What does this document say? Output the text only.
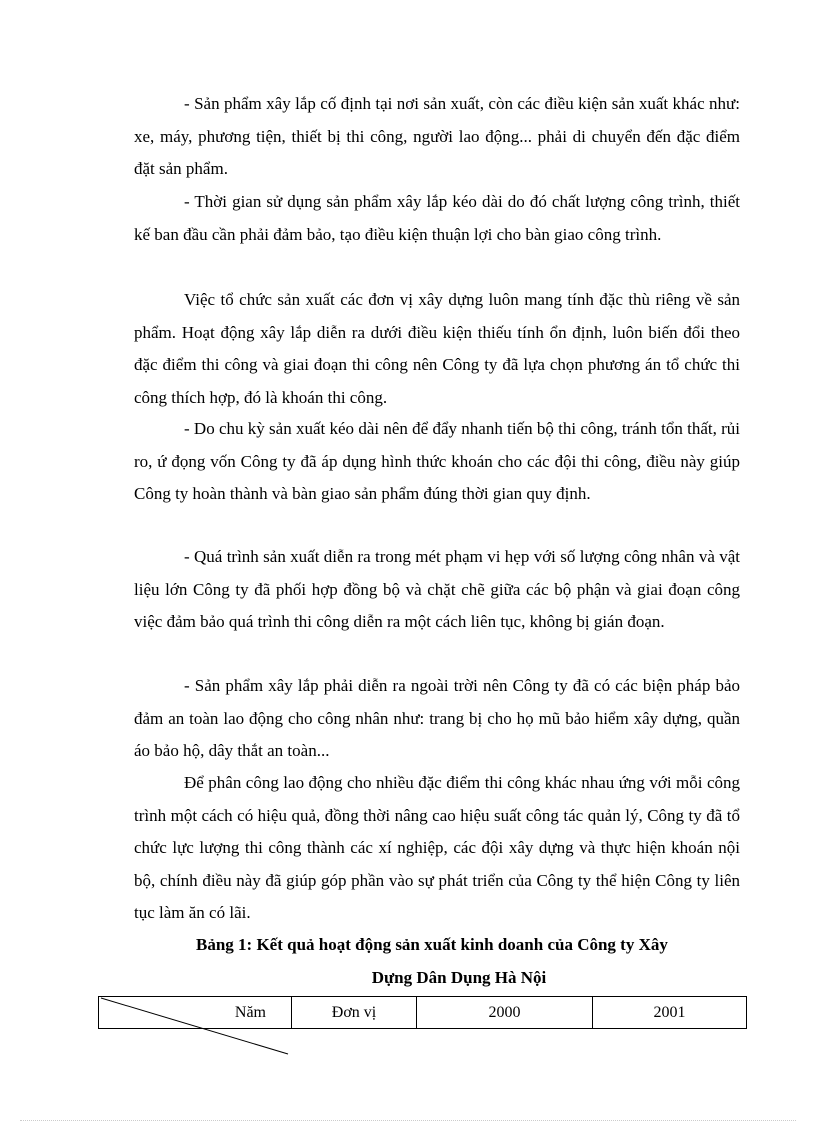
- Sản phẩm xây lắp cố định tại nơi sản xuất, còn các điều kiện sản xuất khác như: xe, máy, phương tiện, thiết bị thi công, người lao động... phải di chuyển đến đặc điểm đặt sản phẩm.

- Thời gian sử dụng sản phẩm xây lắp kéo dài do đó chất lượng công trình, thiết kế ban đầu cần phải đảm bảo, tạo điều kiện thuận lợi cho bàn giao công trình.

Việc tổ chức sản xuất các đơn vị xây dựng luôn mang tính đặc thù riêng về sản phẩm. Hoạt động xây lắp diễn ra dưới điều kiện thiếu tính ổn định, luôn biến đổi theo đặc điểm thi công và giai đoạn thi công nên Công ty đã lựa chọn phương án tổ chức thi công thích hợp, đó là khoán thi công.

- Do chu kỳ sản xuất kéo dài nên để đẩy nhanh tiến bộ thi công, tránh tổn thất, rủi ro, ứ đọng vốn Công ty đã áp dụng hình thức khoán cho các đội thi công, điều này giúp Công ty hoàn thành và bàn giao sản phẩm đúng thời gian quy định.

- Quá trình sản xuất diễn ra trong mét phạm vi hẹp với số lượng công nhân và vật liệu lớn Công ty đã phối hợp đồng bộ và chặt chẽ giữa các bộ phận và giai đoạn công việc đảm bảo quá trình thi công diễn ra một cách liên tục, không bị gián đoạn.

- Sản phẩm xây lắp phải diễn ra ngoài trời nên Công ty đã có các biện pháp bảo đảm an toàn lao động cho công nhân như: trang bị cho họ mũ bảo hiểm xây dựng, quần áo bảo hộ, dây thắt an toàn...

Để phân công lao động cho nhiều đặc điểm thi công khác nhau ứng với mỗi công trình một cách có hiệu quả, đồng thời nâng cao hiệu suất công tác quản lý, Công ty đã tổ chức lực lượng thi công thành các xí nghiệp, các đội xây dựng và thực hiện khoán nội bộ, chính điều này đã giúp góp phần vào sự phát triển của Công ty thể hiện Công ty liên tục làm ăn có lãi.

Bảng 1: Kết quả hoạt động sản xuất kinh doanh của Công ty Xây

Dựng Dân Dụng Hà Nội

Năm	Đơn vị	2000	2001
